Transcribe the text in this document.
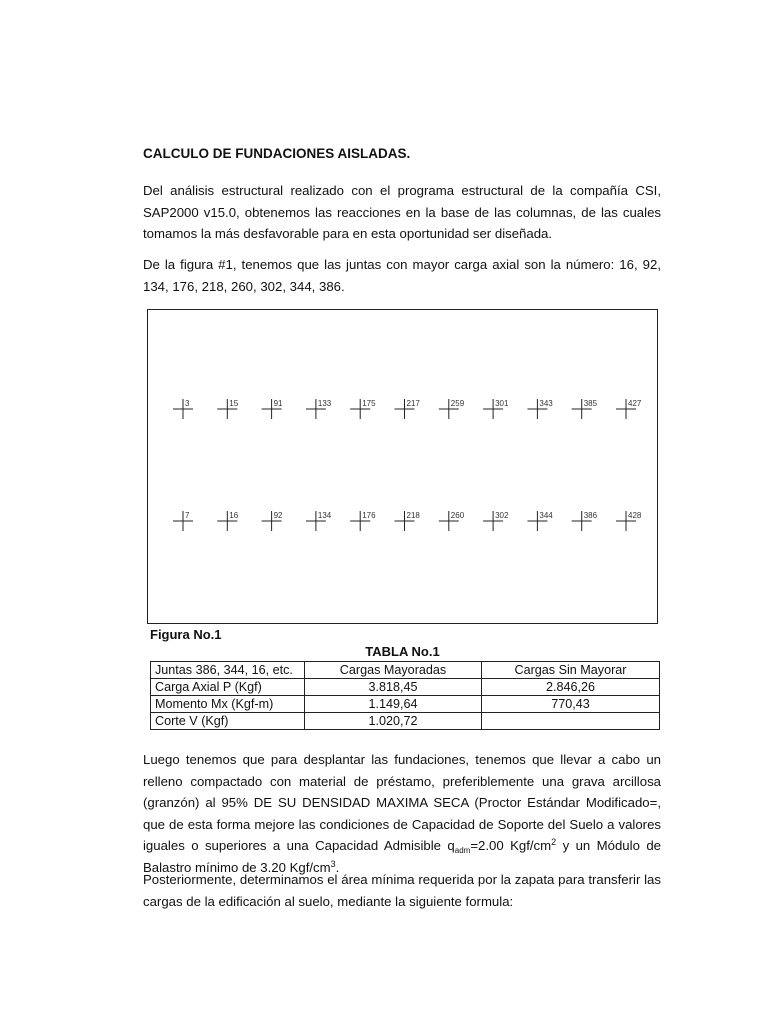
CALCULO DE FUNDACIONES AISLADAS.
Del análisis estructural realizado con el programa estructural de la compañía CSI, SAP2000 v15.0, obtenemos las reacciones en la base de las columnas, de las cuales tomamos la más desfavorable para en esta oportunidad ser diseñada.
De la figura #1, tenemos que las juntas con mayor carga axial son la número: 16, 92, 134, 176, 218, 260, 302, 344, 386.
3	15	91	133	175	217	259	301	343	385	427
7	16	92	134	176	218	260	302	344	386	428
Figura No.1
TABLA No.1
Juntas 386, 344, 16, etc.	Cargas Mayoradas	Cargas Sin Mayorar
Carga Axial P (Kgf)	3.818,45	2.846,26
Momento Mx (Kgf-m)	1.149,64	770,43
Corte V (Kgf)	1.020,72	
Luego tenemos que para desplantar las fundaciones, tenemos que llevar a cabo un relleno compactado con material de préstamo, preferiblemente una grava arcillosa (granzón) al 95% DE SU DENSIDAD MAXIMA SECA (Proctor Estándar Modificado=, que de esta forma mejore las condiciones de Capacidad de Soporte del Suelo a valores iguales o superiores a una Capacidad Admisible $q_{adm}=2.00$ Kgf/$cm^2$ y un Módulo de Balastro mínimo de 3.20 Kgf/$cm^3$.
Posteriormente, determinamos el área mínima requerida por la zapata para transferir las cargas de la edificación al suelo, mediante la siguiente formula:
